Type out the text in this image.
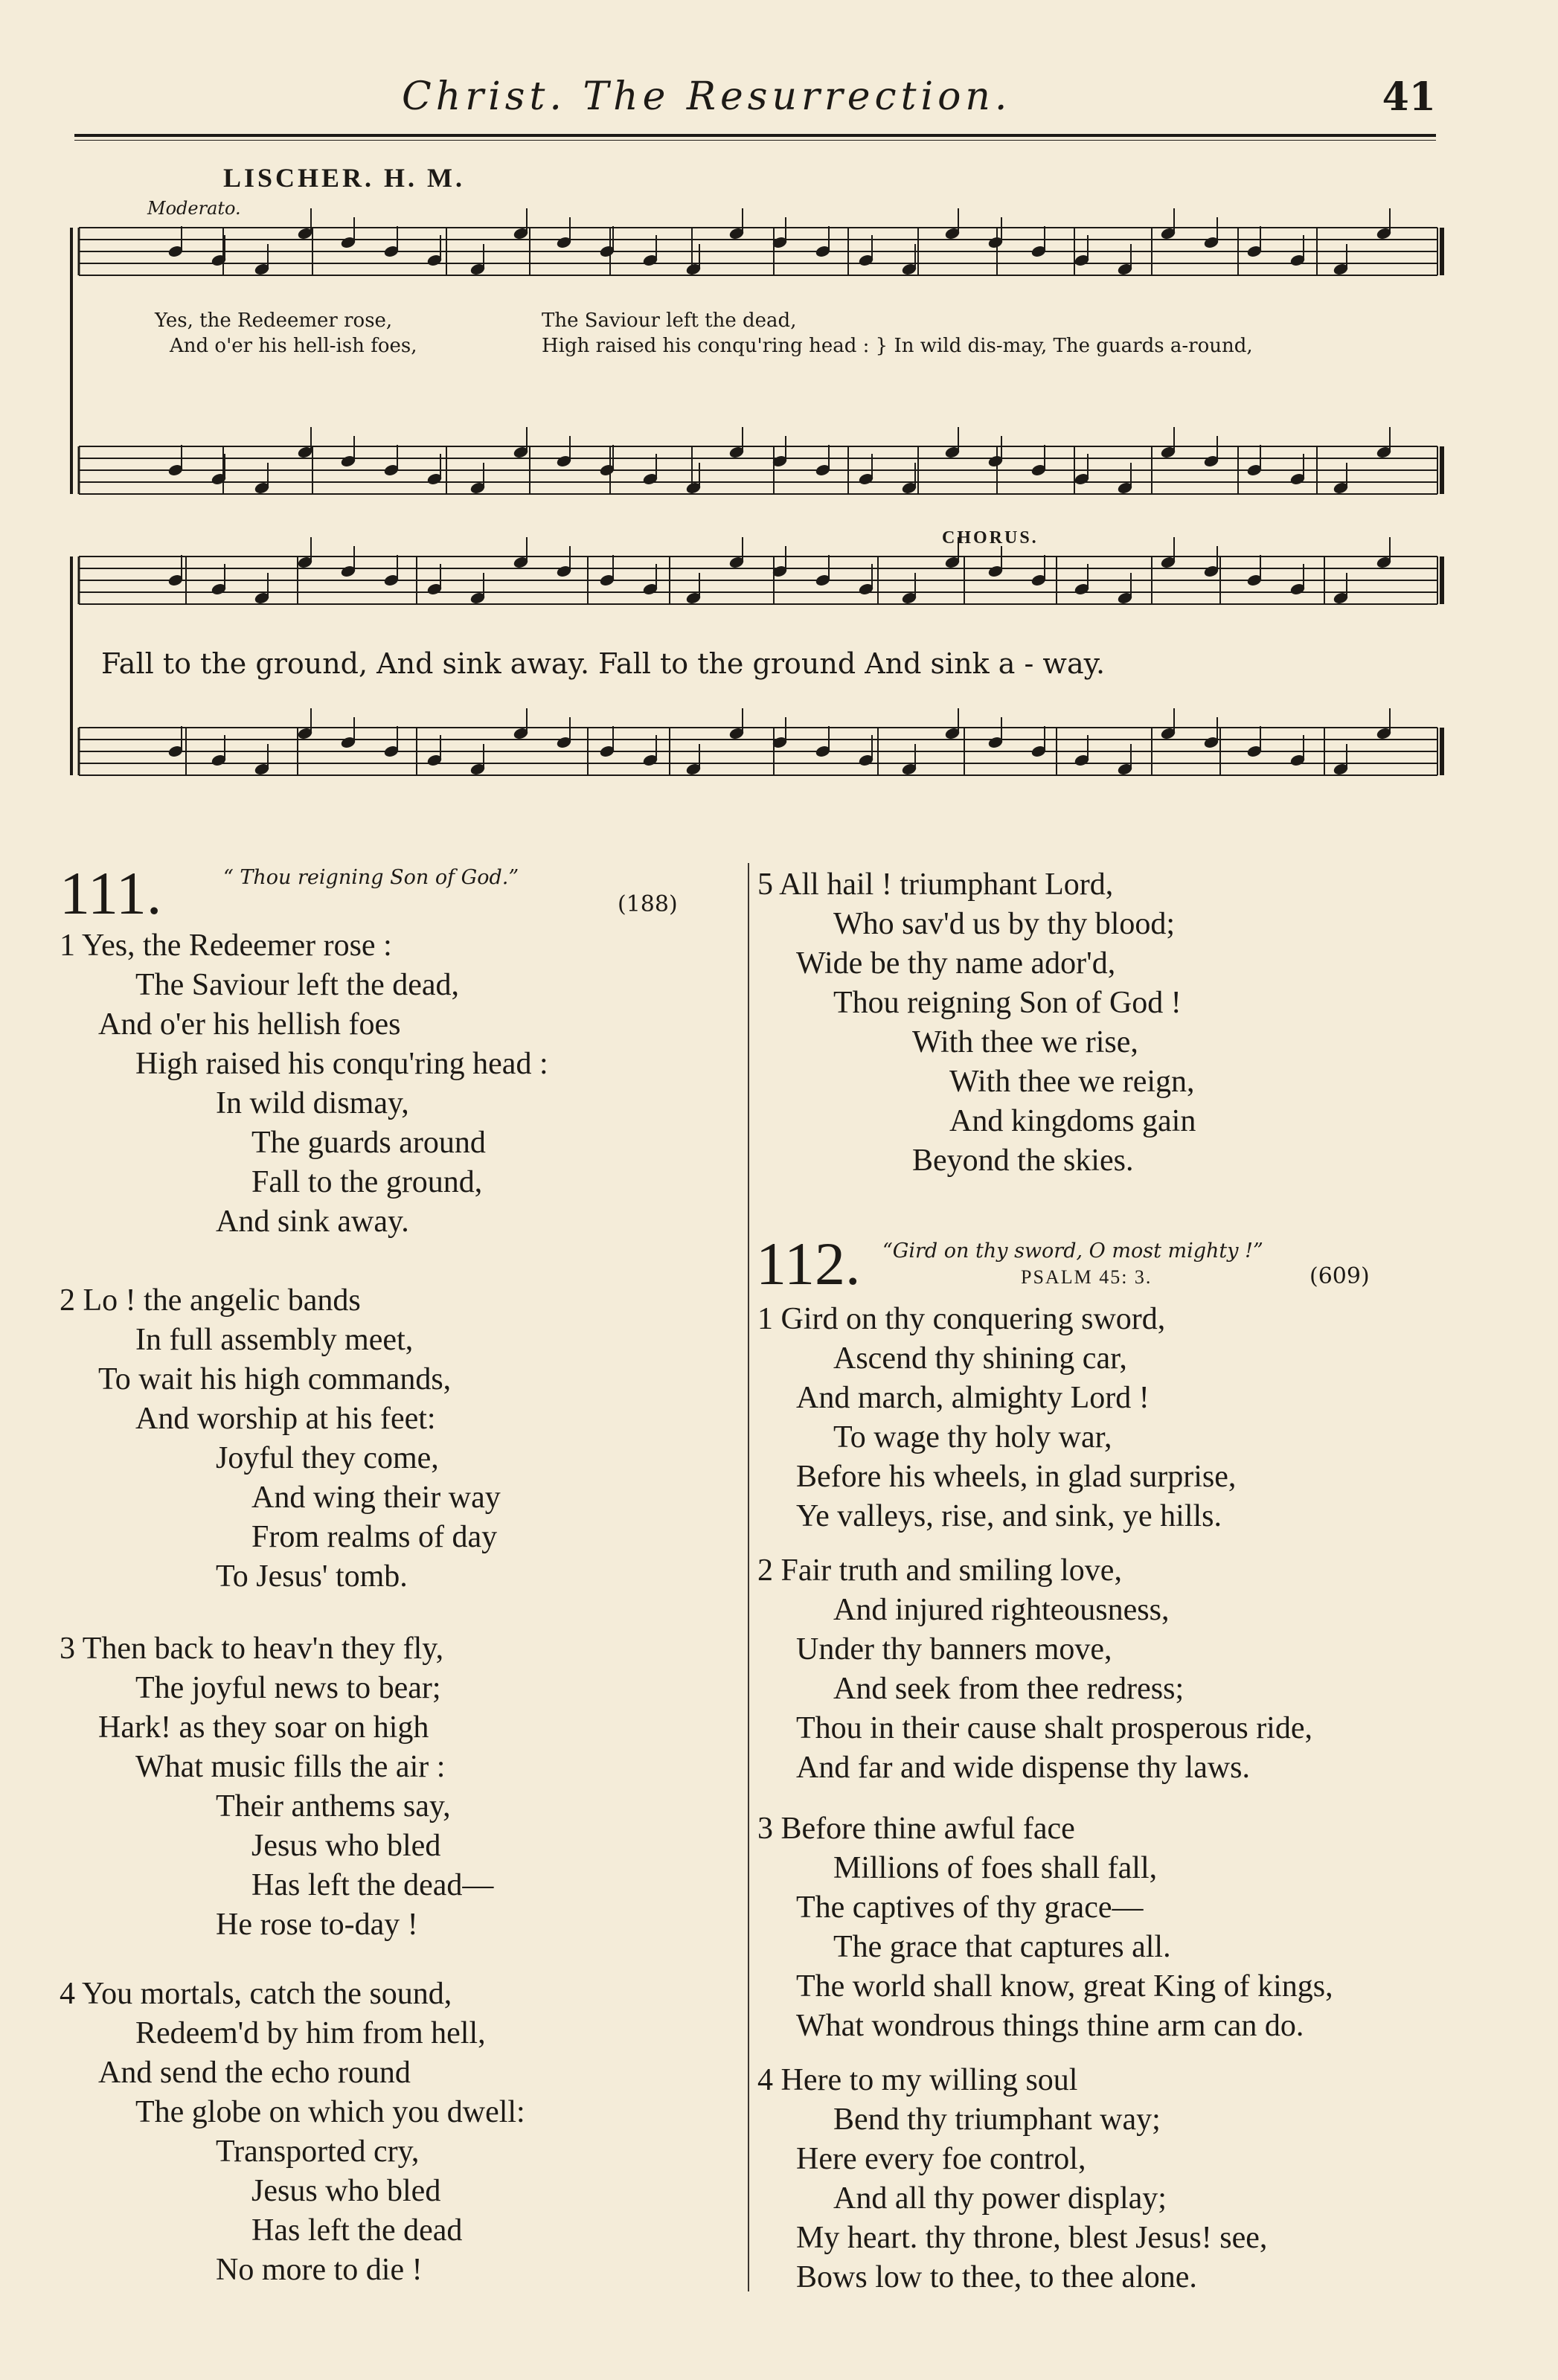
Christ. The Resurrection.	41
LISCHER. H. M.
Moderato.
CHORUS.
Yes, the Redeemer rose,	The Saviour left the dead,
And o'er his hell-ish foes,	High raised his conqu'ring head : } In wild dis-may, The guards a-round,
Fall to the ground, And sink away. Fall to the ground And sink a - way.
111.	“ Thou reigning Son of God.”
(188)
1 Yes, the Redeemer rose :
The Saviour left the dead,
And o'er his hellish foes
High raised his conqu'ring head :
In wild dismay,
The guards around
Fall to the ground,
And sink away.
2 Lo ! the angelic bands
In full assembly meet,
To wait his high commands,
And worship at his feet:
Joyful they come,
And wing their way
From realms of day
To Jesus' tomb.
3 Then back to heav'n they fly,
The joyful news to bear;
Hark! as they soar on high
What music fills the air :
Their anthems say,
Jesus who bled
Has left the dead—
He rose to-day !
4 You mortals, catch the sound,
Redeem'd by him from hell,
And send the echo round
The globe on which you dwell:
Transported cry,
Jesus who bled
Has left the dead
No more to die !
5 All hail ! triumphant Lord,
Who sav'd us by thy blood;
Wide be thy name ador'd,
Thou reigning Son of God !
With thee we rise,
With thee we reign,
And kingdoms gain
Beyond the skies.
112. “Gird on thy sword, O most mighty !”
PSALM 45: 3.	(609)
1 Gird on thy conquering sword,
Ascend thy shining car,
And march, almighty Lord !
To wage thy holy war,
Before his wheels, in glad surprise,
Ye valleys, rise, and sink, ye hills.
2 Fair truth and smiling love,
And injured righteousness,
Under thy banners move,
And seek from thee redress;
Thou in their cause shalt prosperous ride,
And far and wide dispense thy laws.
3 Before thine awful face
Millions of foes shall fall,
The captives of thy grace—
The grace that captures all.
The world shall know, great King of kings,
What wondrous things thine arm can do.
4 Here to my willing soul
Bend thy triumphant way;
Here every foe control,
And all thy power display;
My heart. thy throne, blest Jesus! see,
Bows low to thee, to thee alone.
